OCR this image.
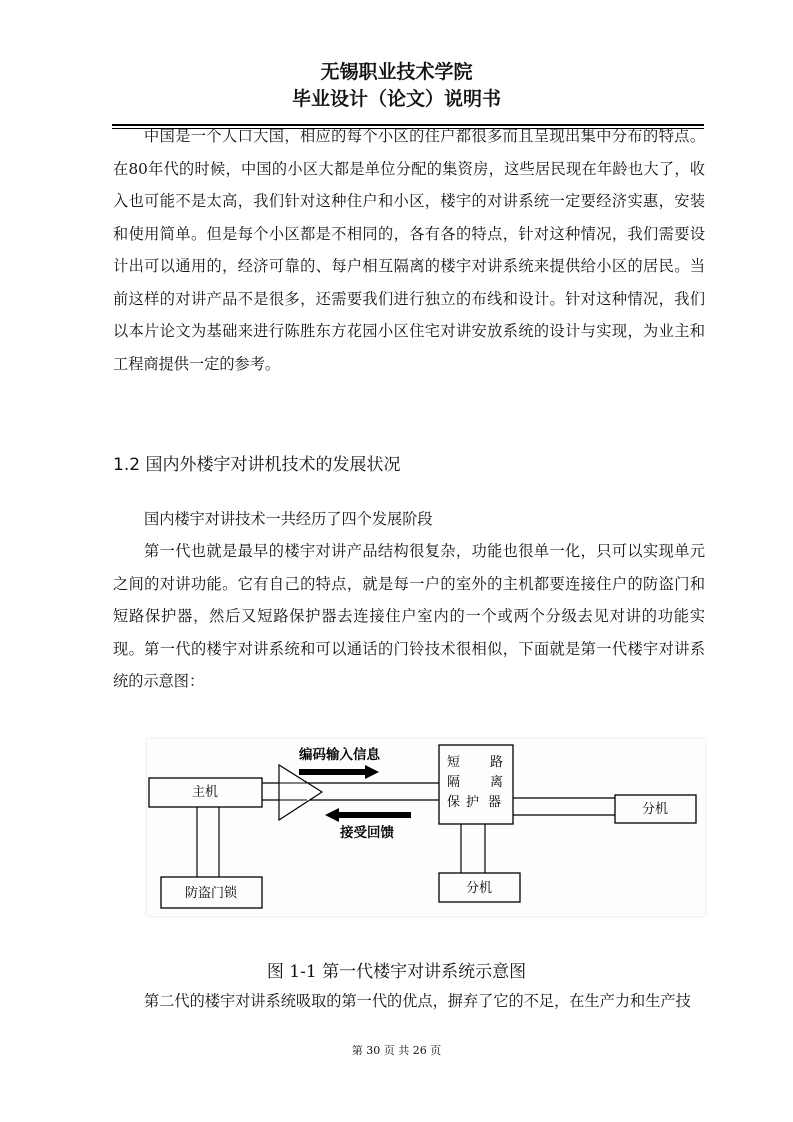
无锡职业技术学院
毕业设计（论文）说明书

中国是一个人口大国，相应的每个小区的住户都很多而且呈现出集中分布的特点。在80年代的时候，中国的小区大都是单位分配的集资房，这些居民现在年龄也大了，收入也可能不是太高，我们针对这种住户和小区，楼宇的对讲系统一定要经济实惠，安装和使用简单。但是每个小区都是不相同的，各有各的特点，针对这种情况，我们需要设计出可以通用的，经济可靠的、每户相互隔离的楼宇对讲系统来提供给小区的居民。当前这样的对讲产品不是很多，还需要我们进行独立的布线和设计。针对这种情况，我们以本片论文为基础来进行陈胜东方花园小区住宅对讲安放系统的设计与实现，为业主和工程商提供一定的参考。

1.2 国内外楼宇对讲机技术的发展状况

国内楼宇对讲技术一共经历了四个发展阶段

第一代也就是最早的楼宇对讲产品结构很复杂，功能也很单一化，只可以实现单元之间的对讲功能。它有自己的特点，就是每一户的室外的主机都要连接住户的防盗门和短路保护器，然后又短路保护器去连接住户室内的一个或两个分级去见对讲的功能实现。第一代的楼宇对讲系统和可以通话的门铃技术很相似，下面就是第一代楼宇对讲系统的示意图：

主机
防盗门锁
编码输入信息
接受回馈
短 路
隔 离
保 护 器	分机
分机
图 1-1 第一代楼宇对讲系统示意图

第二代的楼宇对讲系统吸取的第一代的优点，摒弃了它的不足，在生产力和生产技

第 30 页 共 26 页
